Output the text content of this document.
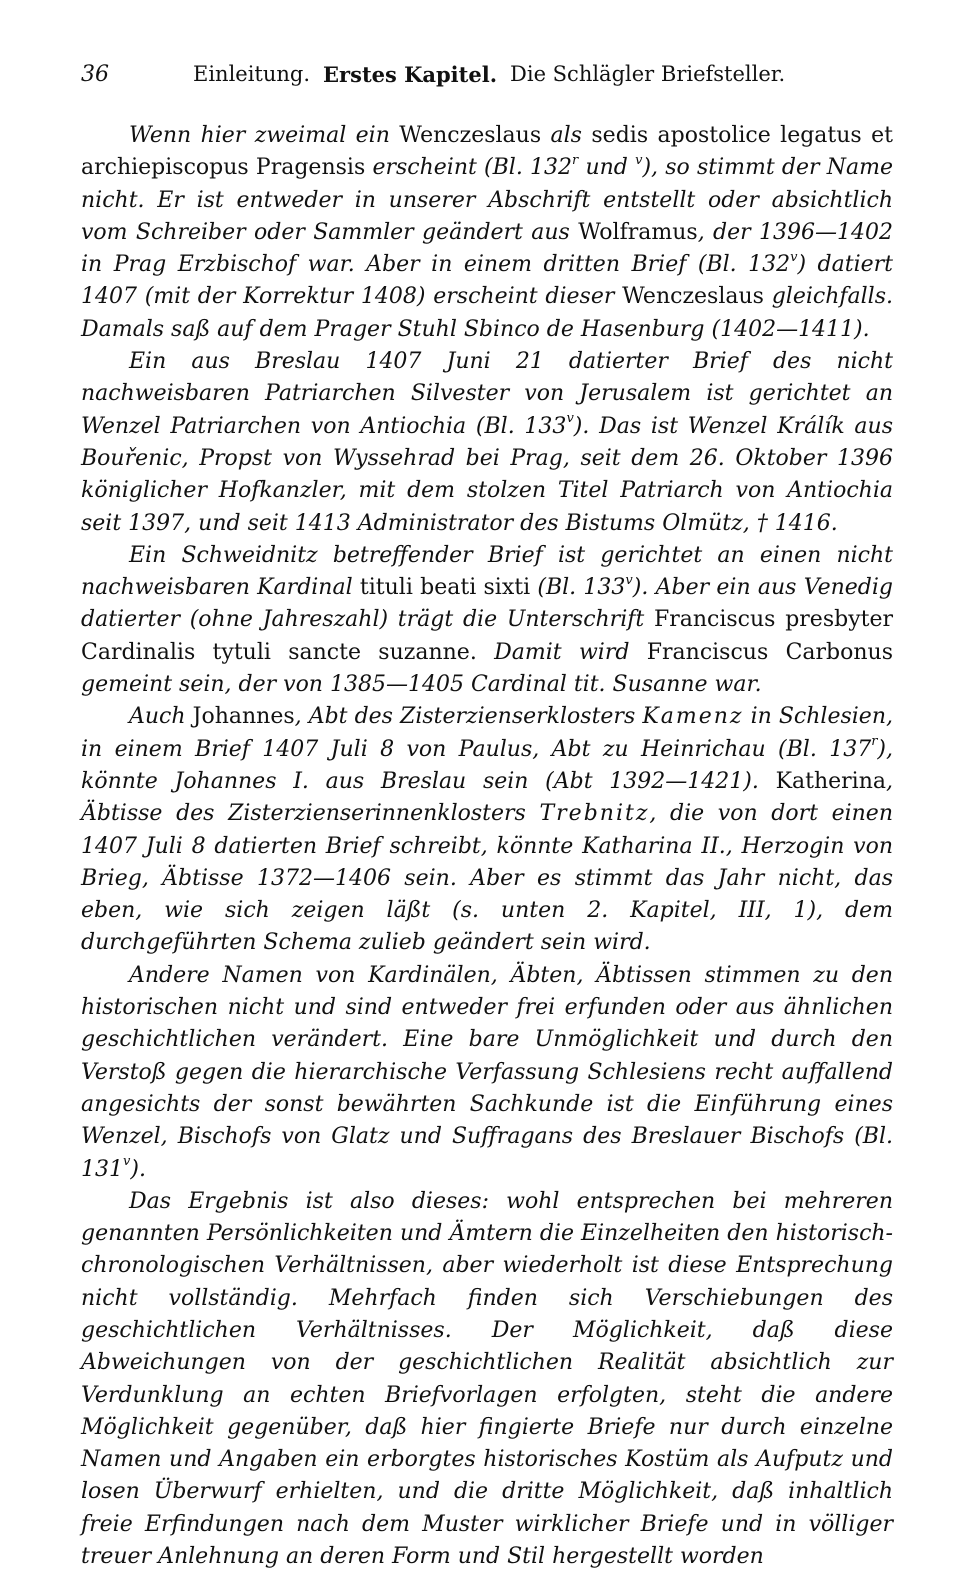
36	Einleitung. Erstes Kapitel. Die Schlägler Briefsteller.

Wenn hier zweimal ein Wenczeslaus als sedis apostolice legatus et archiepiscopus Pragensis erscheint (Bl. 132$^r$ und $^v$), so stimmt der Name nicht. Er ist entweder in unserer Abschrift entstellt oder absichtlich vom Schreiber oder Sammler geändert aus Wolframus, der 1396—1402 in Prag Erzbischof war. Aber in einem dritten Brief (Bl. 132$^v$) datiert 1407 (mit der Korrektur 1408) erscheint dieser Wenczeslaus gleichfalls. Damals saß auf dem Prager Stuhl Sbinco de Hasenburg (1402—1411).

Ein aus Breslau 1407 Juni 21 datierter Brief des nicht nachweisbaren Patriarchen Silvester von Jerusalem ist gerichtet an Wenzel Patriarchen von Antiochia (Bl. 133$^v$). Das ist Wenzel Králík aus Bouřenic, Propst von Wyssehrad bei Prag, seit dem 26. Oktober 1396 königlicher Hofkanzler, mit dem stolzen Titel Patriarch von Antiochia seit 1397, und seit 1413 Administrator des Bistums Olmütz, † 1416.

Ein Schweidnitz betreffender Brief ist gerichtet an einen nicht nachweisbaren Kardinal tituli beati sixti (Bl. 133$^v$). Aber ein aus Venedig datierter (ohne Jahreszahl) trägt die Unterschrift Franciscus presbyter Cardinalis tytuli sancte suzanne. Damit wird Franciscus Carbonus gemeint sein, der von 1385—1405 Cardinal tit. Susanne war.

Auch Johannes, Abt des Zisterzienserklosters Kamenz in Schlesien, in einem Brief 1407 Juli 8 von Paulus, Abt zu Heinrichau (Bl. 137$^r$), könnte Johannes I. aus Breslau sein (Abt 1392—1421). Katherina, Äbtisse des Zisterzienserinnenklosters Trebnitz, die von dort einen 1407 Juli 8 datierten Brief schreibt, könnte Katharina II., Herzogin von Brieg, Äbtisse 1372—1406 sein. Aber es stimmt das Jahr nicht, das eben, wie sich zeigen läßt (s. unten 2. Kapitel, III, 1), dem durchgeführten Schema zulieb geändert sein wird.

Andere Namen von Kardinälen, Äbten, Äbtissen stimmen zu den historischen nicht und sind entweder frei erfunden oder aus ähnlichen geschichtlichen verändert. Eine bare Unmöglichkeit und durch den Verstoß gegen die hierarchische Verfassung Schlesiens recht auffallend angesichts der sonst bewährten Sachkunde ist die Einführung eines Wenzel, Bischofs von Glatz und Suffragans des Breslauer Bischofs (Bl. 131$^v$).

Das Ergebnis ist also dieses: wohl entsprechen bei mehreren genannten Persönlichkeiten und Ämtern die Einzelheiten den historisch-chronologischen Verhältnissen, aber wiederholt ist diese Entsprechung nicht vollständig. Mehrfach finden sich Verschiebungen des geschichtlichen Verhältnisses. Der Möglichkeit, daß diese Abweichungen von der geschichtlichen Realität absichtlich zur Verdunklung an echten Briefvorlagen erfolgten, steht die andere Möglichkeit gegenüber, daß hier fingierte Briefe nur durch einzelne Namen und Angaben ein erborgtes historisches Kostüm als Aufputz und losen Überwurf erhielten, und die dritte Möglichkeit, daß inhaltlich freie Erfindungen nach dem Muster wirklicher Briefe und in völliger treuer Anlehnung an deren Form und Stil hergestellt worden
